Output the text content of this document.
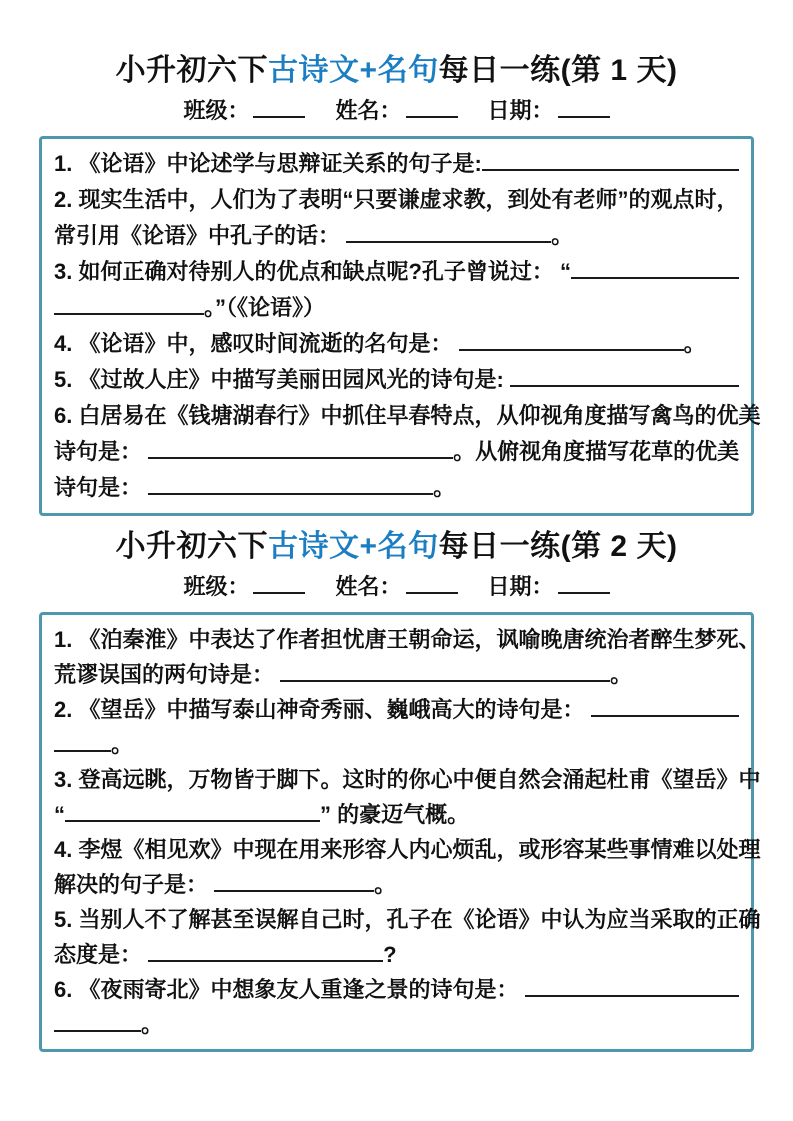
小升初六下古诗文+名句每日一练(第 1 天)
班级：	姓名：	日期：
1. 《论语》中论述学与思辩证关系的句子是:
2. 现实生活中，人们为了表明“只要谦虚求教，到处有老师”的观点时，
常引用《论语》中孔子的话：	。
3. 如何正确对待别人的优点和缺点呢?孔子曾说过： “
。”（《论语》）
4. 《论语》中，感叹时间流逝的名句是：	。
5. 《过故人庄》中描写美丽田园风光的诗句是:
6. 白居易在《钱塘湖春行》中抓住早春特点，从仰视角度描写禽鸟的优美
诗句是：	。从俯视角度描写花草的优美
诗句是：	。
小升初六下古诗文+名句每日一练(第 2 天)
班级：	姓名：	日期：
1. 《泊秦淮》中表达了作者担忧唐王朝命运，讽喻晚唐统治者醉生梦死、
荒谬误国的两句诗是：	。
2. 《望岳》中描写泰山神奇秀丽、巍峨高大的诗句是：
。
3. 登高远眺，万物皆于脚下。这时的你心中便自然会涌起杜甫《望岳》中
“	” 的豪迈气概。
4. 李煜《相见欢》中现在用来形容人内心烦乱，或形容某些事情难以处理
解决的句子是：	。
5. 当别人不了解甚至误解自己时，孔子在《论语》中认为应当采取的正确
态度是：	?
6. 《夜雨寄北》中想象友人重逢之景的诗句是：
。
